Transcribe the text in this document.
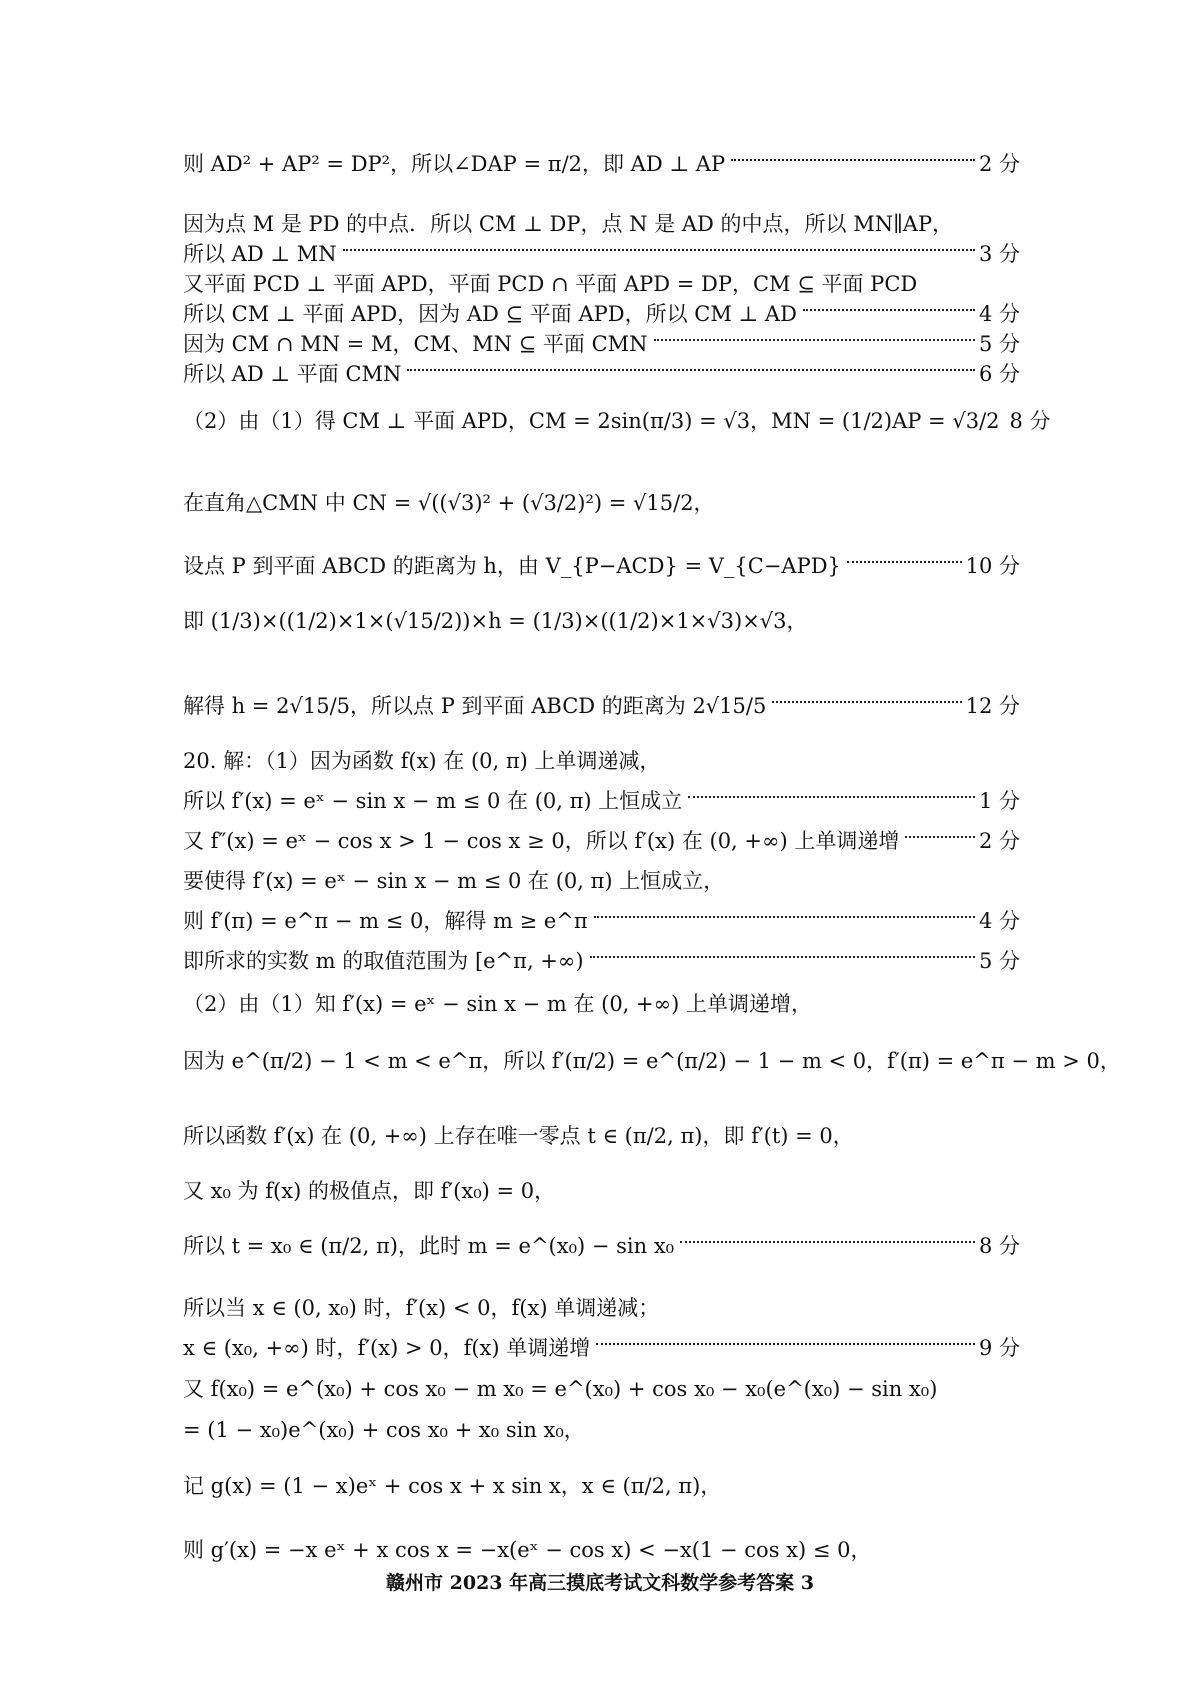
则 AD² + AP² = DP²，所以∠DAP = π/2，即 AD ⊥ AP	2 分
因为点 M 是 PD 的中点．所以 CM ⊥ DP，点 N 是 AD 的中点，所以 MN∥AP，
所以 AD ⊥ MN	3 分
又平面 PCD ⊥ 平面 APD，平面 PCD ∩ 平面 APD = DP，CM ⊆ 平面 PCD
所以 CM ⊥ 平面 APD，因为 AD ⊆ 平面 APD，所以 CM ⊥ AD	4 分
因为 CM ∩ MN = M，CM、MN ⊆ 平面 CMN	5 分
所以 AD ⊥ 平面 CMN	6 分
（2）由（1）得 CM ⊥ 平面 APD，CM = 2sin(π/3) = √3，MN = (1/2)AP = √3/2 8 分
在直角△CMN 中 CN = √((√3)² + (√3/2)²) = √15/2，
设点 P 到平面 ABCD 的距离为 h，由 V_{P−ACD} = V_{C−APD}	10 分
即 (1/3)×((1/2)×1×(√15/2))×h = (1/3)×((1/2)×1×√3)×√3，
解得 h = 2√15/5，所以点 P 到平面 ABCD 的距离为 2√15/5	12 分
20. 解：（1）因为函数 f(x) 在 (0, π) 上单调递减，
所以 f′(x) = eˣ − sin x − m ≤ 0 在 (0, π) 上恒成立	1 分
又 f″(x) = eˣ − cos x > 1 − cos x ≥ 0，所以 f′(x) 在 (0, +∞) 上单调递增	2 分
要使得 f′(x) = eˣ − sin x − m ≤ 0 在 (0, π) 上恒成立，
则 f′(π) = e^π − m ≤ 0，解得 m ≥ e^π	4 分
即所求的实数 m 的取值范围为 [e^π, +∞)	5 分
（2）由（1）知 f′(x) = eˣ − sin x − m 在 (0, +∞) 上单调递增，
因为 e^(π/2) − 1 < m < e^π，所以 f′(π/2) = e^(π/2) − 1 − m < 0，f′(π) = e^π − m > 0，
所以函数 f′(x) 在 (0, +∞) 上存在唯一零点 t ∈ (π/2, π)，即 f′(t) = 0，
又 x₀ 为 f(x) 的极值点，即 f′(x₀) = 0，
所以 t = x₀ ∈ (π/2, π)，此时 m = e^(x₀) − sin x₀	8 分
所以当 x ∈ (0, x₀) 时，f′(x) < 0，f(x) 单调递减；
x ∈ (x₀, +∞) 时，f′(x) > 0，f(x) 单调递增	9 分
又 f(x₀) = e^(x₀) + cos x₀ − m x₀ = e^(x₀) + cos x₀ − x₀(e^(x₀) − sin x₀)
= (1 − x₀)e^(x₀) + cos x₀ + x₀ sin x₀，
记 g(x) = (1 − x)eˣ + cos x + x sin x，x ∈ (π/2, π)，
则 g′(x) = −x eˣ + x cos x = −x(eˣ − cos x) < −x(1 − cos x) ≤ 0，
赣州市 2023 年高三摸底考试文科数学参考答案 3
